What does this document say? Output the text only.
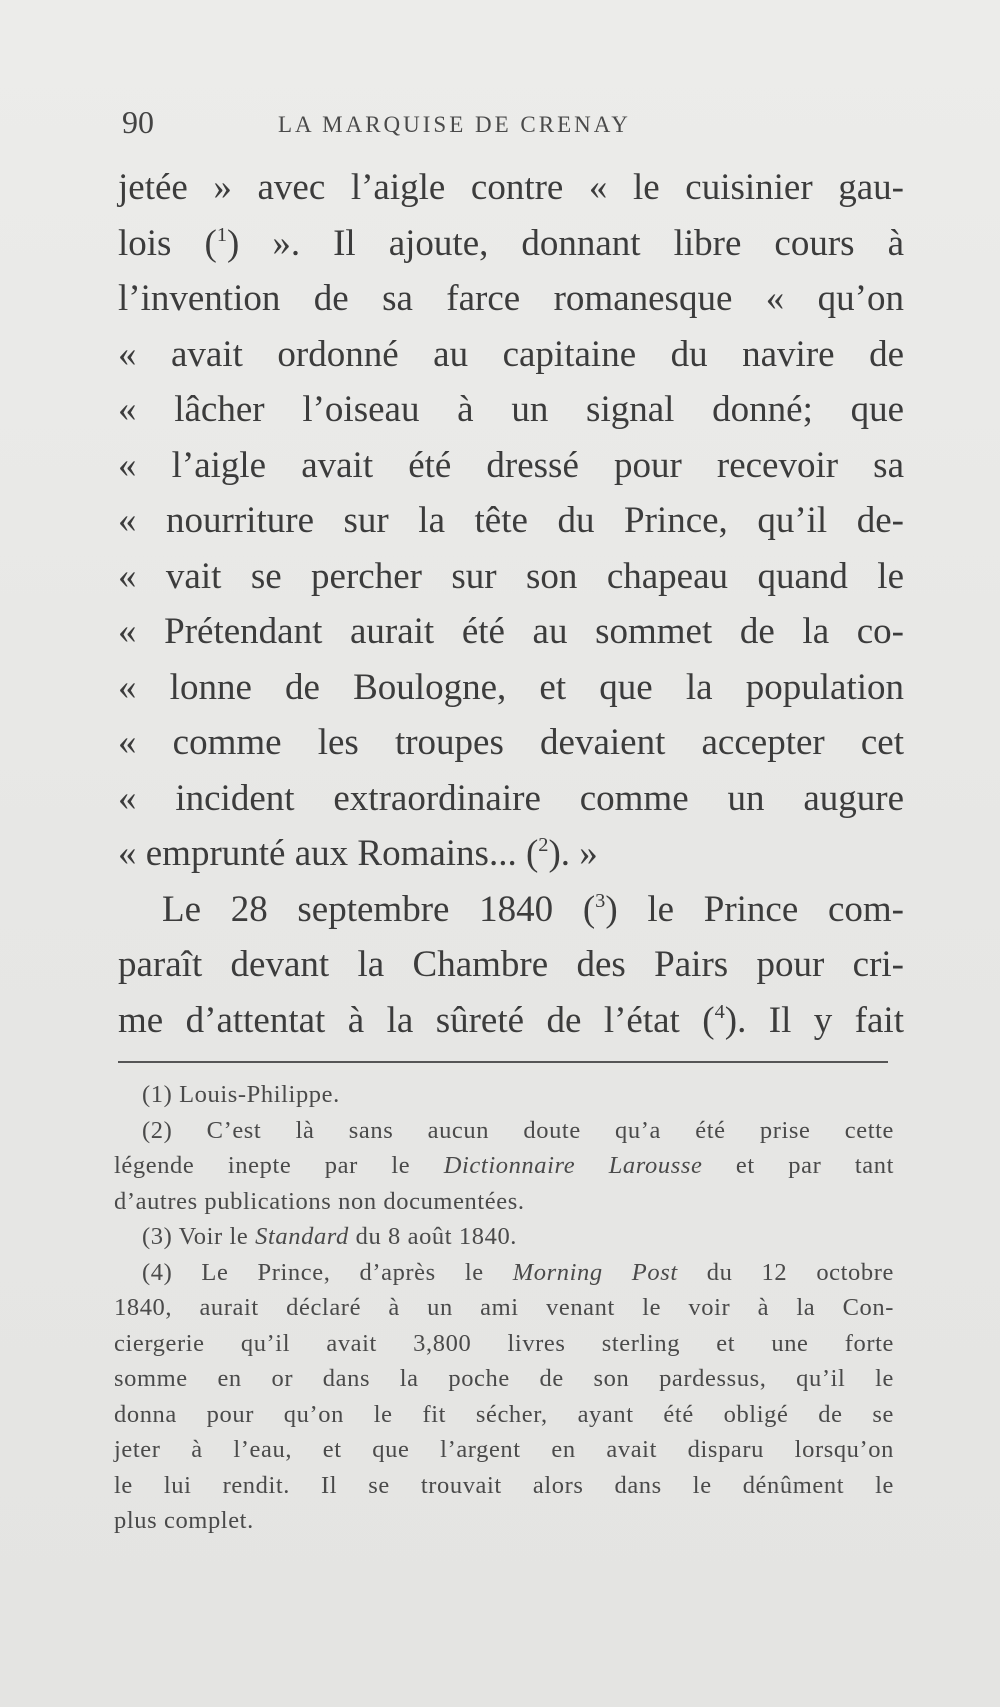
90	LA MARQUISE DE CRENAY
jetée » avec l’aigle contre « le cuisinier gau-
lois ($^1$) ». Il ajoute, donnant libre cours à
l’invention de sa farce romanesque « qu’on
« avait ordonné au capitaine du navire de
« lâcher l’oiseau à un signal donné; que
« l’aigle avait été dressé pour recevoir sa
« nourriture sur la tête du Prince, qu’il de-
« vait se percher sur son chapeau quand le
« Prétendant aurait été au sommet de la co-
« lonne de Boulogne, et que la population
« comme les troupes devaient accepter cet
« incident extraordinaire comme un augure
« emprunté aux Romains... ($^2$). »
Le 28 septembre 1840 ($^3$) le Prince com-
paraît devant la Chambre des Pairs pour cri-
me d’attentat à la sûreté de l’état ($^4$). Il y fait
(1) Louis-Philippe.
(2) C’est là sans aucun doute qu’a été prise cette
légende inepte par le Dictionnaire Larousse et par tant
d’autres publications non documentées.
(3) Voir le Standard du 8 août 1840.
(4) Le Prince, d’après le Morning Post du 12 octobre
1840, aurait déclaré à un ami venant le voir à la Con-
ciergerie qu’il avait 3,800 livres sterling et une forte
somme en or dans la poche de son pardessus, qu’il le
donna pour qu’on le fit sécher, ayant été obligé de se
jeter à l’eau, et que l’argent en avait disparu lorsqu’on
le lui rendit. Il se trouvait alors dans le dénûment le
plus complet.
